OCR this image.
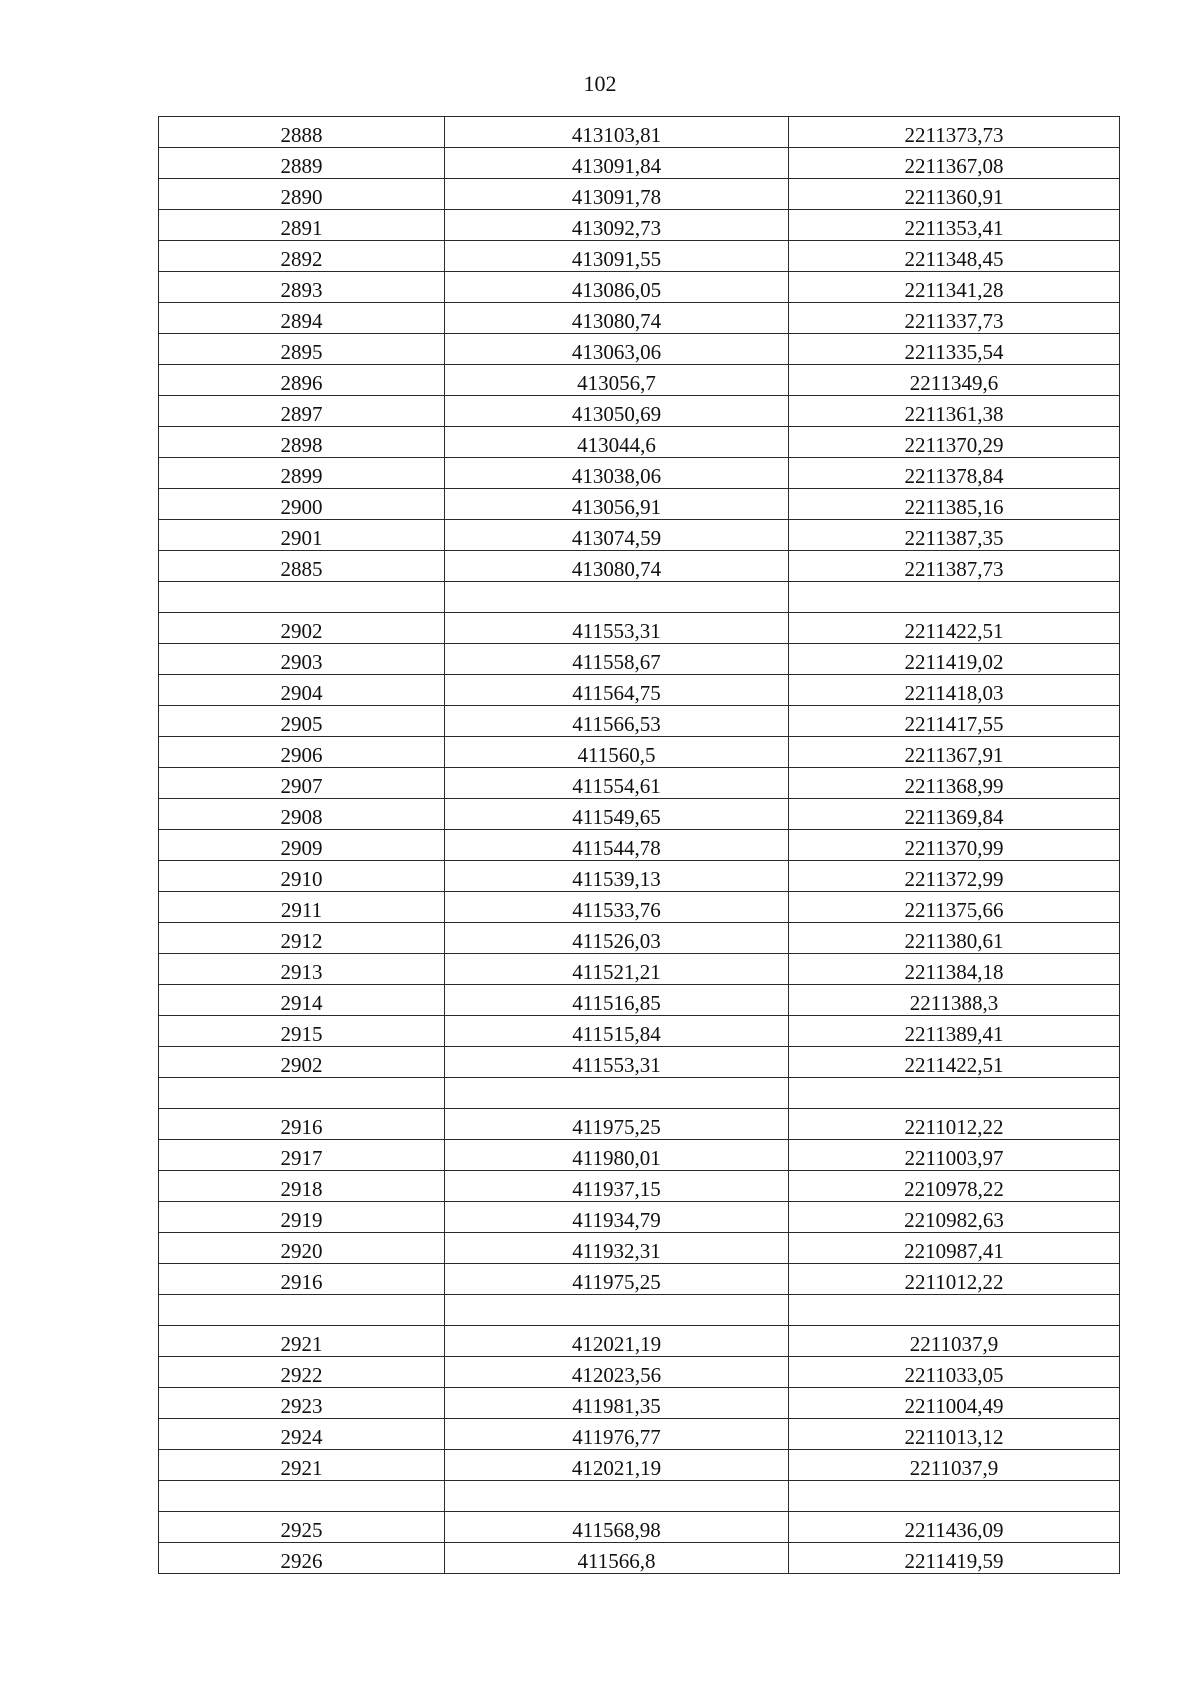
102
2888	413103,81	2211373,73
2889	413091,84	2211367,08
2890	413091,78	2211360,91
2891	413092,73	2211353,41
2892	413091,55	2211348,45
2893	413086,05	2211341,28
2894	413080,74	2211337,73
2895	413063,06	2211335,54
2896	413056,7	2211349,6
2897	413050,69	2211361,38
2898	413044,6	2211370,29
2899	413038,06	2211378,84
2900	413056,91	2211385,16
2901	413074,59	2211387,35
2885	413080,74	2211387,73

2902	411553,31	2211422,51
2903	411558,67	2211419,02
2904	411564,75	2211418,03
2905	411566,53	2211417,55
2906	411560,5	2211367,91
2907	411554,61	2211368,99
2908	411549,65	2211369,84
2909	411544,78	2211370,99
2910	411539,13	2211372,99
2911	411533,76	2211375,66
2912	411526,03	2211380,61
2913	411521,21	2211384,18
2914	411516,85	2211388,3
2915	411515,84	2211389,41
2902	411553,31	2211422,51

2916	411975,25	2211012,22
2917	411980,01	2211003,97
2918	411937,15	2210978,22
2919	411934,79	2210982,63
2920	411932,31	2210987,41
2916	411975,25	2211012,22

2921	412021,19	2211037,9
2922	412023,56	2211033,05
2923	411981,35	2211004,49
2924	411976,77	2211013,12
2921	412021,19	2211037,9

2925	411568,98	2211436,09
2926	411566,8	2211419,59
